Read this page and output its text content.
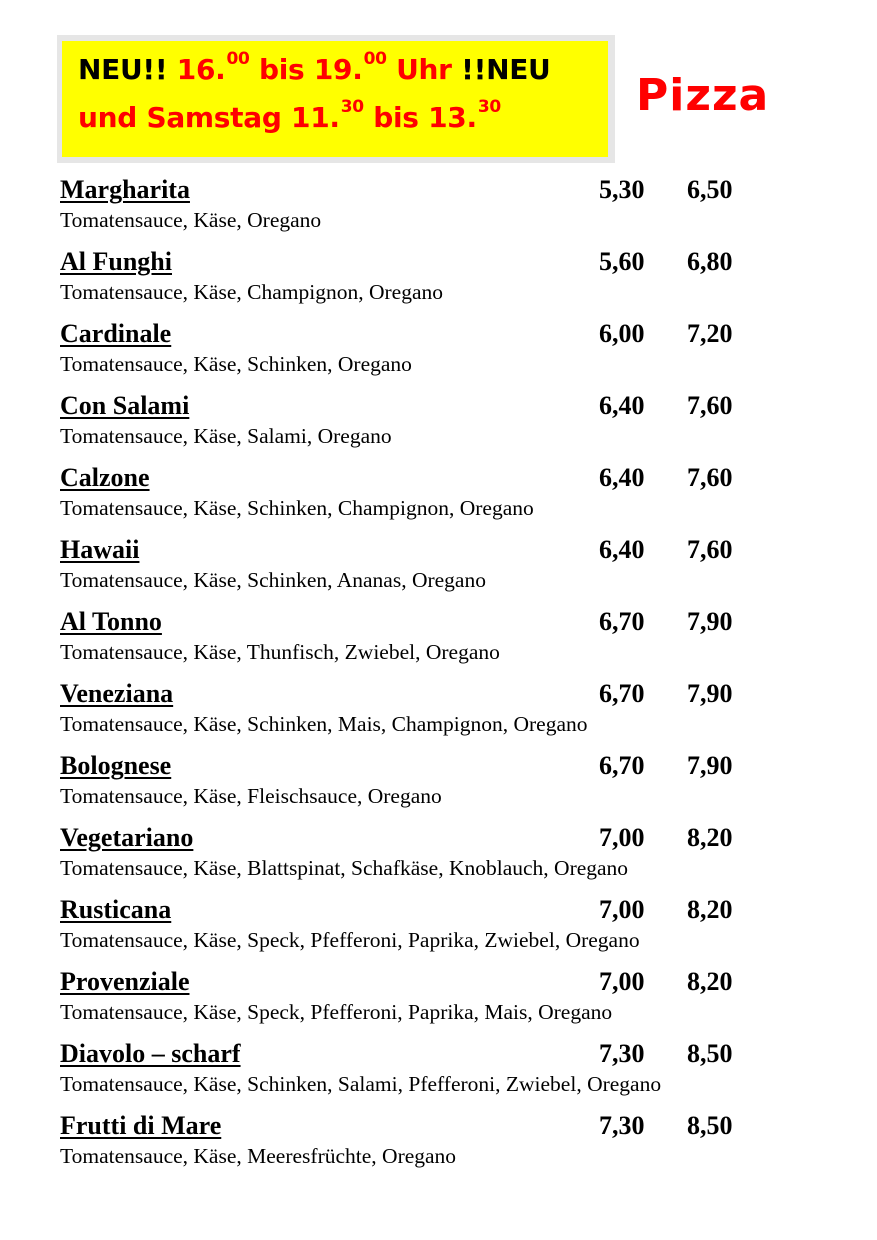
NEU!! 16.00 bis 19.00 Uhr !!NEU
und Samstag 11.30 bis 13.30	Pizza
Margharita	5,30 6,50
Tomatensauce, Käse, Oregano
Al Funghi	5,60 6,80
Tomatensauce, Käse, Champignon, Oregano
Cardinale	6,00 7,20
Tomatensauce, Käse, Schinken, Oregano
Con Salami	6,40 7,60
Tomatensauce, Käse, Salami, Oregano
Calzone	6,40 7,60
Tomatensauce, Käse, Schinken, Champignon, Oregano
Hawaii	6,40 7,60
Tomatensauce, Käse, Schinken, Ananas, Oregano
Al Tonno	6,70 7,90
Tomatensauce, Käse, Thunfisch, Zwiebel, Oregano
Veneziana	6,70 7,90
Tomatensauce, Käse, Schinken, Mais, Champignon, Oregano
Bolognese	6,70 7,90
Tomatensauce, Käse, Fleischsauce, Oregano
Vegetariano	7,00 8,20
Tomatensauce, Käse, Blattspinat, Schafkäse, Knoblauch, Oregano
Rusticana	7,00 8,20
Tomatensauce, Käse, Speck, Pfefferoni, Paprika, Zwiebel, Oregano
Provenziale	7,00 8,20
Tomatensauce, Käse, Speck, Pfefferoni, Paprika, Mais, Oregano
Diavolo – scharf	7,30 8,50
Tomatensauce, Käse, Schinken, Salami, Pfefferoni, Zwiebel, Oregano
Frutti di Mare	7,30 8,50
Tomatensauce, Käse, Meeresfrüchte, Oregano
